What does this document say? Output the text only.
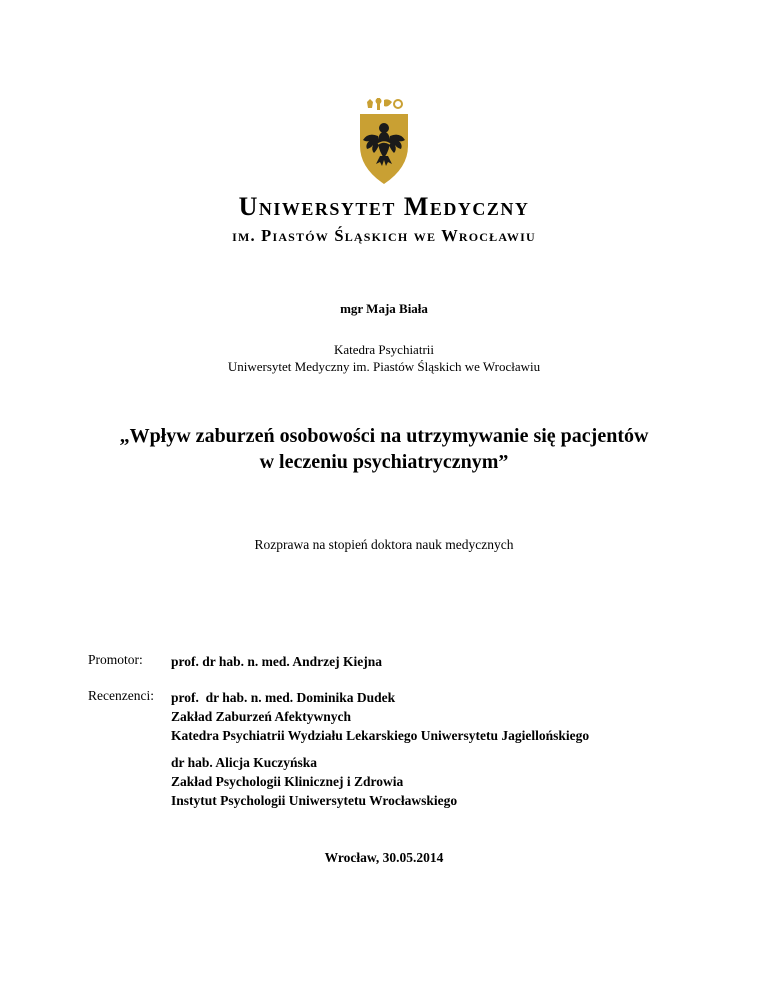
Uniwersytet Medyczny
im. Piastów Śląskich we Wrocławiu
mgr Maja Biała
Katedra Psychiatrii
Uniwersytet Medyczny im. Piastów Śląskich we Wrocławiu
„Wpływ zaburzeń osobowości na utrzymywanie się pacjentów
w leczeniu psychiatrycznym”
Rozprawa na stopień doktora nauk medycznych
Promotor: prof. dr hab. n. med. Andrzej Kiejna
Recenzenci: prof.  dr hab. n. med. Dominika Dudek
Zakład Zaburzeń Afektywnych
Katedra Psychiatrii Wydziału Lekarskiego Uniwersytetu Jagiellońskiego
dr hab. Alicja Kuczyńska
Zakład Psychologii Klinicznej i Zdrowia
Instytut Psychologii Uniwersytetu Wrocławskiego
Wrocław, 30.05.2014
